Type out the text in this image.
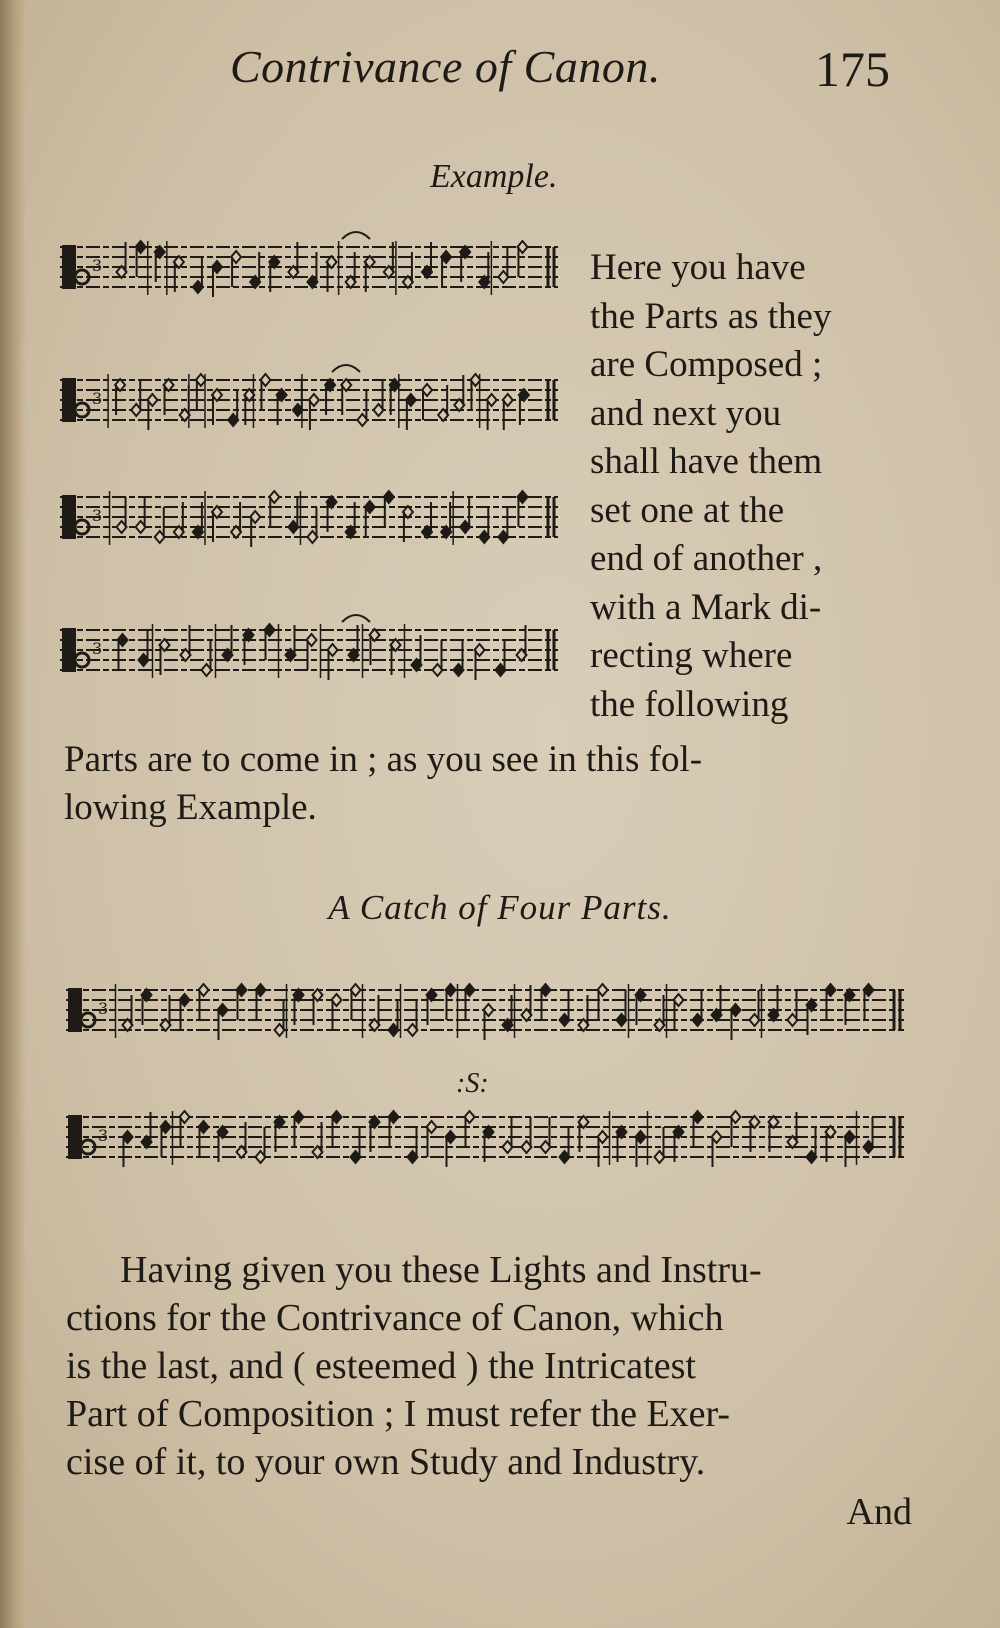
Contrivance of Canon.	175
Example.
3
3
3
3
Here you have
the Parts as they
are Composed ;
and next you
shall have them
set one at the
end of another ,
with a Mark di-
recting where
the following
Parts are to come in ; as you see in this fol-
lowing Example.
A Catch of Four Parts.
3
:S:
3
Having given you these Lights and Instru-
ctions for the Contrivance of Canon, which
is the last, and ( esteemed ) the Intricatest
Part of Composition ; I must refer the Exer-
cise of it, to your own Study and Industry.
And
